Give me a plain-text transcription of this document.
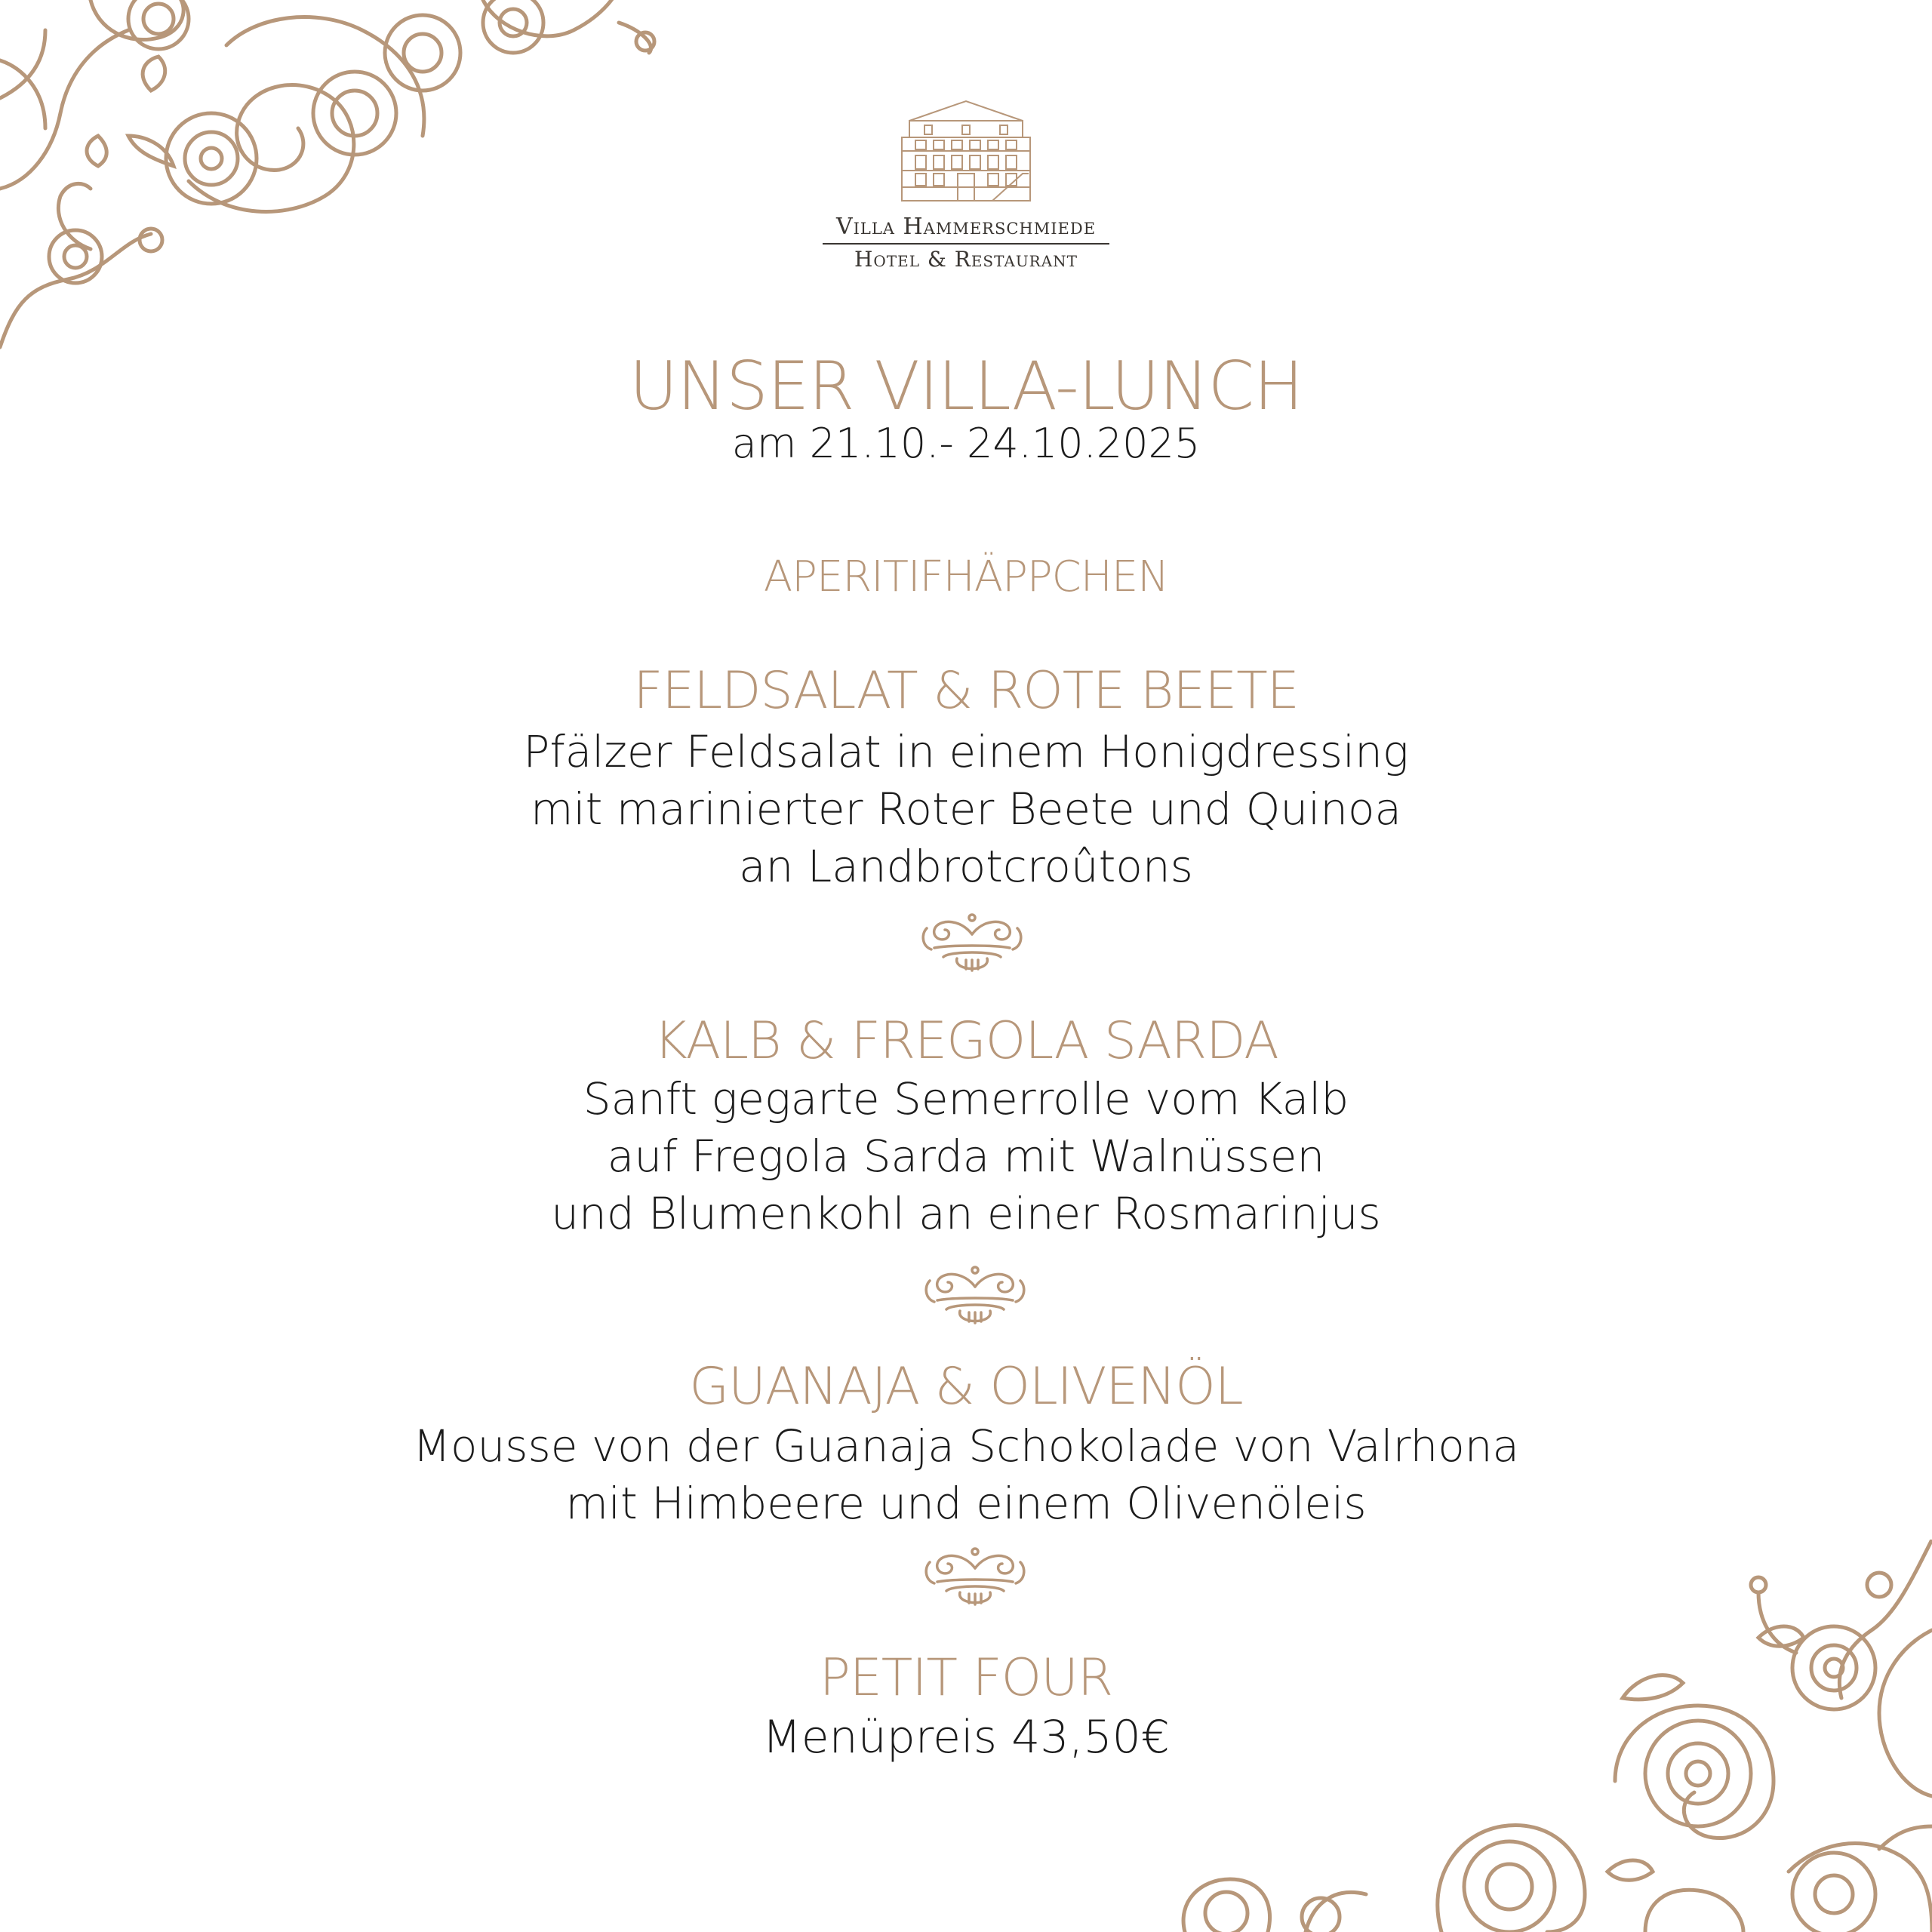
Villa Hammerschmiede
Hotel & Restaurant
UNSER VILLA-LUNCH
am 21.10.- 24.10.2025
APERITIFHÄPPCHEN
FELDSALAT & ROTE BEETE
Pfälzer Feldsalat in einem Honigdressing
mit marinierter Roter Beete und Quinoa
an Landbrotcroûtons
KALB & FREGOLA SARDA
Sanft gegarte Semerrolle vom Kalb
auf Fregola Sarda mit Walnüssen
und Blumenkohl an einer Rosmarinjus
GUANAJA & OLIVENÖL
Mousse von der Guanaja Schokolade von Valrhona
mit Himbeere und einem Olivenöleis
PETIT FOUR
Menüpreis 43,50€
